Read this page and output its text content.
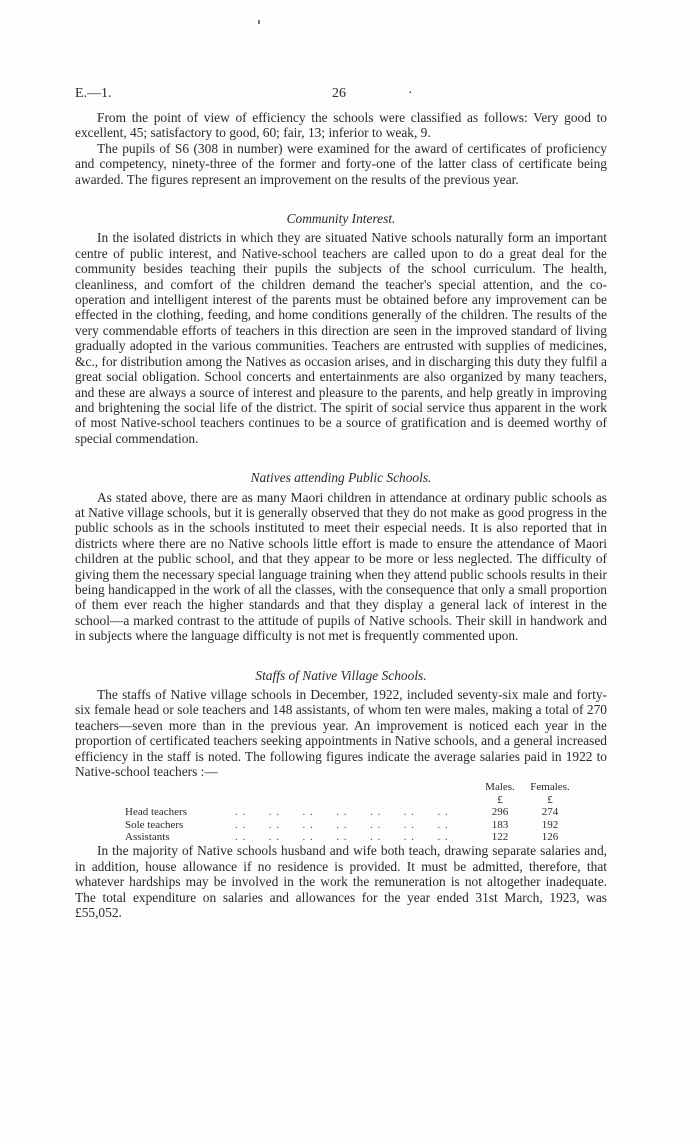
E.—1.	26	·

From the point of view of efficiency the schools were classified as follows: Very good to excellent, 45; satisfactory to good, 60; fair, 13; inferior to weak, 9.

The pupils of S6 (308 in number) were examined for the award of certificates of proficiency and competency, ninety-three of the former and forty-one of the latter class of certificate being awarded. The figures represent an improvement on the results of the previous year.

Community Interest.

In the isolated districts in which they are situated Native schools naturally form an important centre of public interest, and Native-school teachers are called upon to do a great deal for the community besides teaching their pupils the subjects of the school curriculum. The health, cleanliness, and comfort of the children demand the teacher's special attention, and the co-operation and intelligent interest of the parents must be obtained before any improvement can be effected in the clothing, feeding, and home conditions generally of the children. The results of the very commendable efforts of teachers in this direction are seen in the improved standard of living gradually adopted in the various communities. Teachers are entrusted with supplies of medicines, &c., for distribution among the Natives as occasion arises, and in discharging this duty they fulfil a great social obligation. School concerts and entertainments are also organized by many teachers, and these are always a source of interest and pleasure to the parents, and help greatly in improving and brightening the social life of the district. The spirit of social service thus apparent in the work of most Native-school teachers continues to be a source of gratification and is deemed worthy of special commendation.

Natives attending Public Schools.

As stated above, there are as many Maori children in attendance at ordinary public schools as at Native village schools, but it is generally observed that they do not make as good progress in the public schools as in the schools instituted to meet their especial needs. It is also reported that in districts where there are no Native schools little effort is made to ensure the attendance of Maori children at the public school, and that they appear to be more or less neglected. The difficulty of giving them the necessary special language training when they attend public schools results in their being handicapped in the work of all the classes, with the consequence that only a small proportion of them ever reach the higher standards and that they display a general lack of interest in the school—a marked contrast to the attitude of pupils of Native schools. Their skill in handwork and in subjects where the language difficulty is not met is frequently commented upon.

Staffs of Native Village Schools.

The staffs of Native village schools in December, 1922, included seventy-six male and forty-six female head or sole teachers and 148 assistants, of whom ten were males, making a total of 270 teachers—seven more than in the previous year. An improvement is noticed each year in the proportion of certificated teachers seeking appointments in Native schools, and a general increased efficiency in the staff is noted. The following figures indicate the average salaries paid in 1922 to Native-school teachers :—

Males. Females.
£	£
Head teachers	. .      . .      . .      . .      . .      . .      . .	296	274
Sole teachers	. .      . .      . .      . .      . .      . .      . .	183	192
Assistants	. .      . .      . .      . .      . .      . .      . .	122	126

In the majority of Native schools husband and wife both teach, drawing separate salaries and, in addition, house allowance if no residence is provided. It must be admitted, therefore, that whatever hardships may be involved in the work the remuneration is not altogether inadequate. The total expenditure on salaries and allowances for the year ended 31st March, 1923, was £55,052.
